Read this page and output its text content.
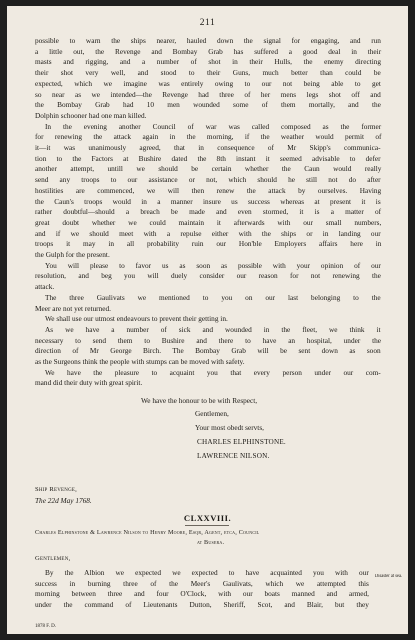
211
possible to warn the ships nearer, hauled down the signal for engaging, and run
a little out, the Revenge and Bombay Grab has suffered a good deal in their
masts and rigging, and a number of shot in their Hulls, the enemy directing
their shot very well, and stood to their Guns, much better than could be
expected, which we imagine was entirely owing to our not being able to get
so near as we intended—the Revenge had three of her mens legs shot off and
the Bombay Grab had 10 men wounded some of them mortally, and the
Dolphin schooner had one man killed.
In the evening another Council of war was called composed as the former
for renewing the attack again in the morning, if the weather would permit of
it—it was unanimously agreed, that in consequence of Mr Skipp's communica-
tion to the Factors at Bushire dated the 8th instant it seemed advisable to defer
another attempt, untill we should be certain whether the Caun would really
send any troops to our assistance or not, which should he still not do after
hostilities are commenced, we will then renew the attack by ourselves. Having
the Caun's troops would in a manner insure us success whereas at present it is
rather doubtful—should a breach be made and even stormed, it is a matter of
great doubt whether we could maintain it afterwards with our small numbers,
and if we should meet with a repulse either with the ships or in landing our
troops it may in all probability ruin our Hon'ble Employers affairs here in
the Gulph for the present.
You will please to favor us as soon as possible with your opinion of our
resolution, and beg you will duely consider our reason for not renewing the
attack.
The three Gaulivats we mentioned to you on our last belonging to the
Meer are not yet returned.
We shall use our utmost endeavours to prevent their getting in.
As we have a number of sick and wounded in the fleet, we think it
necessary to send them to Bushire and there to have an hospital, under the
direction of Mr George Birch. The Bombay Grab will be sent down as soon
as the Surgeons think the people with stumps can be moved with safety.
We have the pleasure to acquaint you that every person under our com-
mand did their duty with great spirit.
We have the honour to be with Respect,
Gentlemen,
Your most obedt servts,
CHARLES ELPHINSTONE.
LAWRENCE NILSON.
Ship Revenge,
The 22d May 1768.
CLXXVIII.
Charles Elphinstone & Lawrence Nilson to Henry Moore, Esqr, Agent, etca, Council
at Busera.
Gentlemen,
By the Albion we expected we expected to have acquainted you with our
success in burning three of the Meer's Gaulivats, which we attempted this
morning between three and four O'Clock, with our boats manned and armed,
under the command of Lieutenants Dutton, Sheriff, Scot, and Blair, but they
Disaster at sea.
1878 F. D.
